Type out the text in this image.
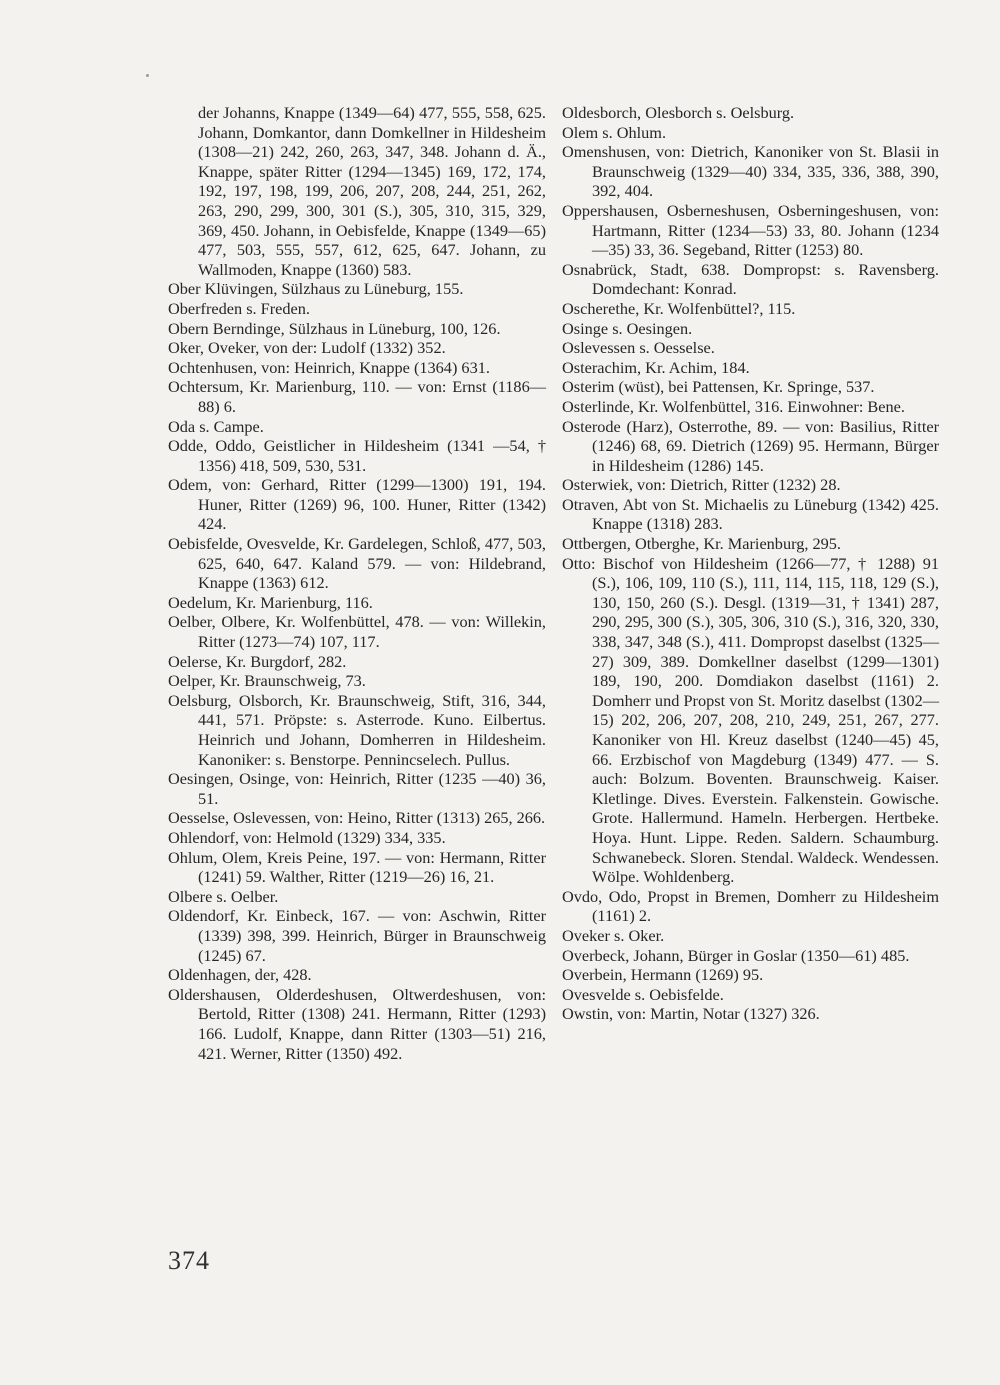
der Johanns, Knappe (1349—64) 477, 555, 558, 625. Johann, Domkantor, dann Domkellner in Hildesheim (1308—21) 242, 260, 263, 347, 348. Johann d. Ä., Knappe, später Ritter (1294—1345) 169, 172, 174, 192, 197, 198, 199, 206, 207, 208, 244, 251, 262, 263, 290, 299, 300, 301 (S.), 305, 310, 315, 329, 369, 450. Johann, in Oebisfelde, Knappe (1349—65) 477, 503, 555, 557, 612, 625, 647. Johann, zu Wallmoden, Knappe (1360) 583.

Ober Klüvingen, Sülzhaus zu Lüneburg, 155.

Oberfreden s. Freden.

Obern Berndinge, Sülzhaus in Lüneburg, 100, 126.

Oker, Oveker, von der: Ludolf (1332) 352.

Ochtenhusen, von: Heinrich, Knappe (1364) 631.

Ochtersum, Kr. Marienburg, 110. — von: Ernst (1186—88) 6.

Oda s. Campe.

Odde, Oddo, Geistlicher in Hildesheim (1341 —54, † 1356) 418, 509, 530, 531.

Odem, von: Gerhard, Ritter (1299—1300) 191, 194. Huner, Ritter (1269) 96, 100. Huner, Ritter (1342) 424.

Oebisfelde, Ovesvelde, Kr. Gardelegen, Schloß, 477, 503, 625, 640, 647. Kaland 579. — von: Hildebrand, Knappe (1363) 612.

Oedelum, Kr. Marienburg, 116.

Oelber, Olbere, Kr. Wolfenbüttel, 478. — von: Willekin, Ritter (1273—74) 107, 117.

Oelerse, Kr. Burgdorf, 282.

Oelper, Kr. Braunschweig, 73.

Oelsburg, Olsborch, Kr. Braunschweig, Stift, 316, 344, 441, 571. Pröpste: s. Asterrode. Kuno. Eilbertus. Heinrich und Johann, Domherren in Hildesheim. Kanoniker: s. Benstorpe. Pennincselech. Pullus.

Oesingen, Osinge, von: Heinrich, Ritter (1235 —40) 36, 51.

Oesselse, Oslevessen, von: Heino, Ritter (1313) 265, 266.

Ohlendorf, von: Helmold (1329) 334, 335.

Ohlum, Olem, Kreis Peine, 197. — von: Hermann, Ritter (1241) 59. Walther, Ritter (1219—26) 16, 21.

Olbere s. Oelber.

Oldendorf, Kr. Einbeck, 167. — von: Aschwin, Ritter (1339) 398, 399. Heinrich, Bürger in Braunschweig (1245) 67.

Oldenhagen, der, 428.

Oldershausen, Olderdeshusen, Oltwerdeshusen, von: Bertold, Ritter (1308) 241. Hermann, Ritter (1293) 166. Ludolf, Knappe, dann Ritter (1303—51) 216, 421. Werner, Ritter (1350) 492.

Oldesborch, Olesborch s. Oelsburg.

Olem s. Ohlum.

Omenshusen, von: Dietrich, Kanoniker von St. Blasii in Braunschweig (1329—40) 334, 335, 336, 388, 390, 392, 404.

Oppershausen, Osberneshusen, Osberningeshusen, von: Hartmann, Ritter (1234—53) 33, 80. Johann (1234—35) 33, 36. Segeband, Ritter (1253) 80.

Osnabrück, Stadt, 638. Dompropst: s. Ravensberg. Domdechant: Konrad.

Oscherethe, Kr. Wolfenbüttel?, 115.

Osinge s. Oesingen.

Oslevessen s. Oesselse.

Osterachim, Kr. Achim, 184.

Osterim (wüst), bei Pattensen, Kr. Springe, 537.

Osterlinde, Kr. Wolfenbüttel, 316. Einwohner: Bene.

Osterode (Harz), Osterrothe, 89. — von: Basilius, Ritter (1246) 68, 69. Dietrich (1269) 95. Hermann, Bürger in Hildesheim (1286) 145.

Osterwiek, von: Dietrich, Ritter (1232) 28.

Otraven, Abt von St. Michaelis zu Lüneburg (1342) 425. Knappe (1318) 283.

Ottbergen, Otberghe, Kr. Marienburg, 295.

Otto: Bischof von Hildesheim (1266—77, † 1288) 91 (S.), 106, 109, 110 (S.), 111, 114, 115, 118, 129 (S.), 130, 150, 260 (S.). Desgl. (1319—31, † 1341) 287, 290, 295, 300 (S.), 305, 306, 310 (S.), 316, 320, 330, 338, 347, 348 (S.), 411. Dompropst daselbst (1325—27) 309, 389. Domkellner daselbst (1299—1301) 189, 190, 200. Domdiakon daselbst (1161) 2. Domherr und Propst von St. Moritz daselbst (1302—15) 202, 206, 207, 208, 210, 249, 251, 267, 277. Kanoniker von Hl. Kreuz daselbst (1240—45) 45, 66. Erzbischof von Magdeburg (1349) 477. — S. auch: Bolzum. Boventen. Braunschweig. Kaiser. Kletlinge. Dives. Everstein. Falkenstein. Gowische. Grote. Hallermund. Hameln. Herbergen. Hertbeke. Hoya. Hunt. Lippe. Reden. Saldern. Schaumburg. Schwanebeck. Sloren. Stendal. Waldeck. Wendessen. Wölpe. Wohldenberg.

Ovdo, Odo, Propst in Bremen, Domherr zu Hildesheim (1161) 2.

Oveker s. Oker.

Overbeck, Johann, Bürger in Goslar (1350—61) 485.

Overbein, Hermann (1269) 95.

Ovesvelde s. Oebisfelde.

Owstin, von: Martin, Notar (1327) 326.

374
